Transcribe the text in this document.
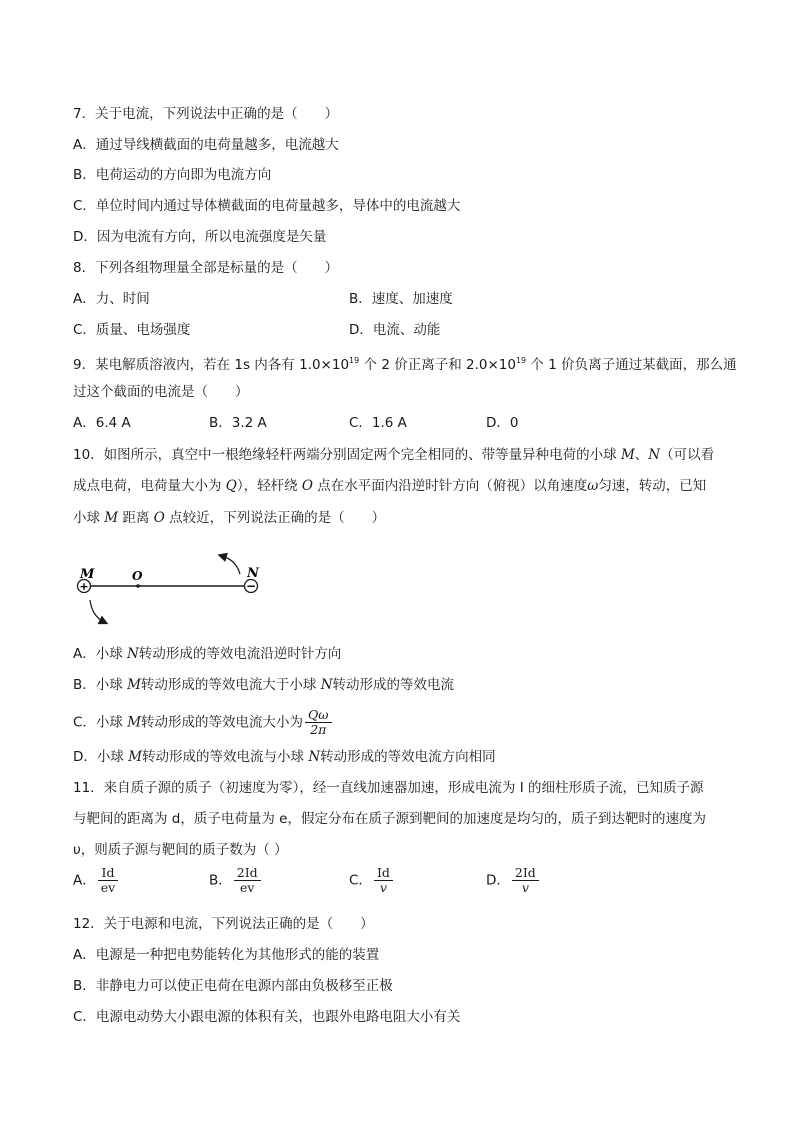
7．关于电流，下列说法中正确的是（　　）
A．通过导线横截面的电荷量越多，电流越大
B．电荷运动的方向即为电流方向
C．单位时间内通过导体横截面的电荷量越多，导体中的电流越大
D．因为电流有方向，所以电流强度是矢量
8．下列各组物理量全部是标量的是（　　）
A．力、时间	B．速度、加速度
C．质量、电场强度	D．电流、动能
9．某电解质溶液内，若在 1s 内各有 $1.0\times 10^{19}$ 个 2 价正离子和 $2.0\times 10^{19}$ 个 1 价负离子通过某截面，那么通
过这个截面的电流是（　　）
A．6.4 A	B．3.2 A	C．1.6 A	D．0
10．如图所示，真空中一根绝缘轻杆两端分别固定两个完全相同的、带等量异种电荷的小球 M、N（可以看
成点电荷，电荷量大小为 Q），轻杆绕 O 点在水平面内沿逆时针方向（俯视）以角速度ω匀速，转动，已知
小球 M 距离 O 点较近，下列说法正确的是（　　）
+	−
M	O	N
A．小球 N转动形成的等效电流沿逆时针方向
B．小球 M转动形成的等效电流大于小球 N转动形成的等效电流
C．小球 M转动形成的等效电流大小为 $\frac{Q\omega}{2\pi}$
D．小球 M转动形成的等效电流与小球 N转动形成的等效电流方向相同
11．来自质子源的质子（初速度为零），经一直线加速器加速，形成电流为 I 的细柱形质子流，已知质子源
与靶间的距离为 d，质子电荷量为 e，假定分布在质子源到靶间的加速度是均匀的，质子到达靶时的速度为
υ，则质子源与靶间的质子数为（ ）
A． $\frac{Id}{ev}$	B． $\frac{2Id}{ev}$	C． $\frac{Id}{v}$	D． $\frac{2Id}{v}$
12．关于电源和电流，下列说法正确的是（　　）
A．电源是一种把电势能转化为其他形式的能的装置
B．非静电力可以使正电荷在电源内部由负极移至正极
C．电源电动势大小跟电源的体积有关，也跟外电路电阻大小有关
